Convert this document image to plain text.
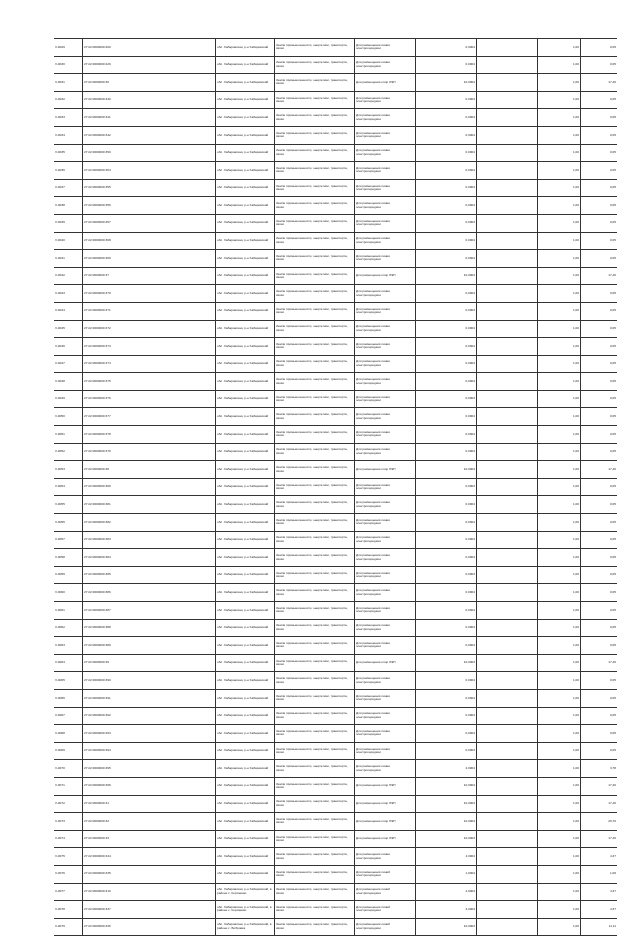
V-0029	27:22:0000000:200	обл. Хабаровская, р-н Хабаровский	Земли промышленности, энергетики, транспорта, связи	Для размещения линии электропередачи	0,0004		1,00	0,05
V-0030	27:22:0000000:229	обл. Хабаровская, р-н Хабаровский	Земли промышленности, энергетики, транспорта, связи	Для размещения линии электропередачи	0,0004		1,00	0,05
V-0031	27:22:0000000:30	обл. Хабаровская, р-н Хабаровский	Земли промышленности, энергетики, транспорта, связи	Для размещения опор ЛЭП	10,0004		1,00	17,40
V-0032	27:22:0000000:340	обл. Хабаровская, р-н Хабаровский	Земли промышленности, энергетики, транспорта, связи	Для размещения линии электропередачи	0,0004		1,00	0,05
V-0033	27:22:0000000:341	обл. Хабаровская, р-н Хабаровский	Земли промышленности, энергетики, транспорта, связи	Для размещения линии электропередачи	0,0004		1,00	0,05
V-0034	27:22:0000000:342	обл. Хабаровская, р-н Хабаровский	Земли промышленности, энергетики, транспорта, связи	Для размещения линии электропередачи	0,0004		1,00	0,05
V-0035	27:22:0000000:350	обл. Хабаровская, р-н Хабаровский	Земли промышленности, энергетики, транспорта, связи	Для размещения линии электропередачи	0,0004		1,00	0,05
V-0036	27:22:0000000:354	обл. Хабаровская, р-н Хабаровский	Земли промышленности, энергетики, транспорта, связи	Для размещения линии электропередачи	0,0004		1,00	0,05
V-0037	27:22:0000000:355	обл. Хабаровская, р-н Хабаровский	Земли промышленности, энергетики, транспорта, связи	Для размещения линии электропередачи	0,0004		1,00	0,05
V-0038	27:22:0000000:356	обл. Хабаровская, р-н Хабаровский	Земли промышленности, энергетики, транспорта, связи	Для размещения линии электропередачи	0,0004		1,00	0,05
V-0039	27:22:0000000:367	обл. Хабаровская, р-н Хабаровский	Земли промышленности, энергетики, транспорта, связи	Для размещения линии электропередачи	0,0004		1,00	0,05
V-0040	27:22:0000000:368	обл. Хабаровская, р-н Хабаровский	Земли промышленности, энергетики, транспорта, связи	Для размещения линии электропередачи	0,0004		1,00	0,05
V-0041	27:22:0000000:369	обл. Хабаровская, р-н Хабаровский	Земли промышленности, энергетики, транспорта, связи	Для размещения линии электропередачи	0,0004		1,00	0,05
V-0042	27:22:0000000:37	обл. Хабаровская, р-н Хабаровский	Земли промышленности, энергетики, транспорта, связи	Для размещения опор ЛЭП	10,0004		1,00	17,40
V-0043	27:22:0000000:370	обл. Хабаровская, р-н Хабаровский	Земли промышленности, энергетики, транспорта, связи	Для размещения линии электропередачи	0,0004		1,00	0,05
V-0044	27:22:0000000:371	обл. Хабаровская, р-н Хабаровский	Земли промышленности, энергетики, транспорта, связи	Для размещения линии электропередачи	0,0004		1,00	0,05
V-0045	27:22:0000000:372	обл. Хабаровская, р-н Хабаровский	Земли промышленности, энергетики, транспорта, связи	Для размещения линии электропередачи	0,0004		1,00	0,05
V-0046	27:22:0000000:373	обл. Хабаровская, р-н Хабаровский	Земли промышленности, энергетики, транспорта, связи	Для размещения линии электропередачи	0,0004		1,00	0,05
V-0047	27:22:0000000:374	обл. Хабаровская, р-н Хабаровский	Земли промышленности, энергетики, транспорта, связи	Для размещения линии электропередачи	0,0004		1,00	0,05
V-0048	27:22:0000000:375	обл. Хабаровская, р-н Хабаровский	Земли промышленности, энергетики, транспорта, связи	Для размещения линии электропередачи	0,0004		1,00	0,05
V-0049	27:22:0000000:376	обл. Хабаровская, р-н Хабаровский	Земли промышленности, энергетики, транспорта, связи	Для размещения линии электропередачи	0,0004		1,00	0,05
V-0050	27:22:0000000:377	обл. Хабаровская, р-н Хабаровский	Земли промышленности, энергетики, транспорта, связи	Для размещения линии электропередачи	0,0004		1,00	0,05
V-0051	27:22:0000000:378	обл. Хабаровская, р-н Хабаровский	Земли промышленности, энергетики, транспорта, связи	Для размещения линии электропередачи	0,0004		1,00	0,05
V-0052	27:22:0000000:379	обл. Хабаровская, р-н Хабаровский	Земли промышленности, энергетики, транспорта, связи	Для размещения линии электропередачи	0,0004		1,00	0,05
V-0053	27:22:0000000:38	обл. Хабаровская, р-н Хабаровский	Земли промышленности, энергетики, транспорта, связи	Для размещения опор ЛЭП	10,0004		1,00	17,40
V-0054	27:22:0000000:380	обл. Хабаровская, р-н Хабаровский	Земли промышленности, энергетики, транспорта, связи	Для размещения линии электропередачи	0,0004		1,00	0,05
V-0055	27:22:0000000:381	обл. Хабаровская, р-н Хабаровский	Земли промышленности, энергетики, транспорта, связи	Для размещения линии электропередачи	0,0004		1,00	0,05
V-0056	27:22:0000000:382	обл. Хабаровская, р-н Хабаровский	Земли промышленности, энергетики, транспорта, связи	Для размещения линии электропередачи	0,0004		1,00	0,05
V-0057	27:22:0000000:383	обл. Хабаровская, р-н Хабаровский	Земли промышленности, энергетики, транспорта, связи	Для размещения линии электропередачи	0,0004		1,00	0,05
V-0058	27:22:0000000:384	обл. Хабаровская, р-н Хабаровский	Земли промышленности, энергетики, транспорта, связи	Для размещения линии электропередачи	0,0004		1,00	0,05
V-0059	27:22:0000000:385	обл. Хабаровская, р-н Хабаровский	Земли промышленности, энергетики, транспорта, связи	Для размещения линии электропередачи	0,0004		1,00	0,05
V-0060	27:22:0000000:386	обл. Хабаровская, р-н Хабаровский	Земли промышленности, энергетики, транспорта, связи	Для размещения линии электропередачи	0,0004		1,00	0,05
V-0061	27:22:0000000:387	обл. Хабаровская, р-н Хабаровский	Земли промышленности, энергетики, транспорта, связи	Для размещения линии электропередачи	0,0004		1,00	0,05
V-0062	27:22:0000000:388	обл. Хабаровская, р-н Хабаровский	Земли промышленности, энергетики, транспорта, связи	Для размещения линии электропередачи	0,0004		1,00	0,05
V-0063	27:22:0000000:389	обл. Хабаровская, р-н Хабаровский	Земли промышленности, энергетики, транспорта, связи	Для размещения линии электропередачи	0,0004		1,00	0,05
V-0064	27:22:0000000:39	обл. Хабаровская, р-н Хабаровский	Земли промышленности, энергетики, транспорта, связи	Для размещения опор ЛЭП	10,0004		1,00	17,40
V-0065	27:22:0000000:390	обл. Хабаровская, р-н Хабаровский	Земли промышленности, энергетики, транспорта, связи	Для размещения линии электропередачи	0,0004		1,00	0,05
V-0066	27:22:0000000:391	обл. Хабаровская, р-н Хабаровский	Земли промышленности, энергетики, транспорта, связи	Для размещения линии электропередачи	0,0004		1,00	0,05
V-0067	27:22:0000000:392	обл. Хабаровская, р-н Хабаровский	Земли промышленности, энергетики, транспорта, связи	Для размещения линии электропередачи	0,0004		1,00	0,05
V-0068	27:22:0000000:393	обл. Хабаровская, р-н Хабаровский	Земли промышленности, энергетики, транспорта, связи	Для размещения линии электропередачи	0,0004		1,00	0,05
V-0069	27:22:0000000:394	обл. Хабаровская, р-н Хабаровский	Земли промышленности, энергетики, транспорта, связи	Для размещения линии электропередачи	0,0004		1,00	0,05
V-0070	27:22:0000000:395	обл. Хабаровская, р-н Хабаровский	Земли промышленности, энергетики, транспорта, связи	Для размещения линии электропередачи	2,0004		1,00	3,78
V-0071	27:22:0000000:396	обл. Хабаровская, р-н Хабаровский	Земли промышленности, энергетики, транспорта, связи	Для размещения опор ЛЭП	10,0004		1,00	17,40
V-0072	27:22:0000000:31	обл. Хабаровская, р-н Хабаровский	Земли промышленности, энергетики, транспорта, связи	Для размещения опор ЛЭП	10,0004		1,00	17,40
V-0073	27:22:0000000:32	обл. Хабаровская, р-н Хабаровский	Земли промышленности, энергетики, транспорта, связи	Для размещения опор ЛЭП	10,0004		1,00	20,70
V-0074	27:22:0000000:33	обл. Хабаровская, р-н Хабаровский	Земли промышленности, энергетики, транспорта, связи	Для размещения опор ЛЭП	10,0004		1,00	17,40
V-0075	27:22:0000000:344	обл. Хабаровская, р-н Хабаровский	Земли промышленности, энергетики, транспорта, связи	Для размещения линии электропередачи	4,0004		1,00	4,37
V-0076	27:22:0000000:335	обл. Хабаровская, р-н Хабаровский	Земли промышленности, энергетики, транспорта, связи	Для размещения линий электропередачи	1,0004		1,00	1,09
V-0077	27:22:0000000:310	обл. Хабаровская, р-н Хабаровский, в районе с. Корсаково	Земли промышленности, энергетики, транспорта, связи	Для размещения линий электропередачи	4,0004		1,00	4,37
V-0078	27:22:0000000:337	обл. Хабаровская, р-н Хабаровский, в районе с. Корсаково	Земли промышленности, энергетики, транспорта, связи	Для размещения линий электропередачи	4,0004		1,00	4,37
V-0079	27:22:0000000:336	обл. Хабаровская, р-н Хабаровский, в районе с. Бобровка	Земли промышленности, энергетики, транспорта, связи	Для размещения линий электропередачи	10,0004		1,00	11,11
